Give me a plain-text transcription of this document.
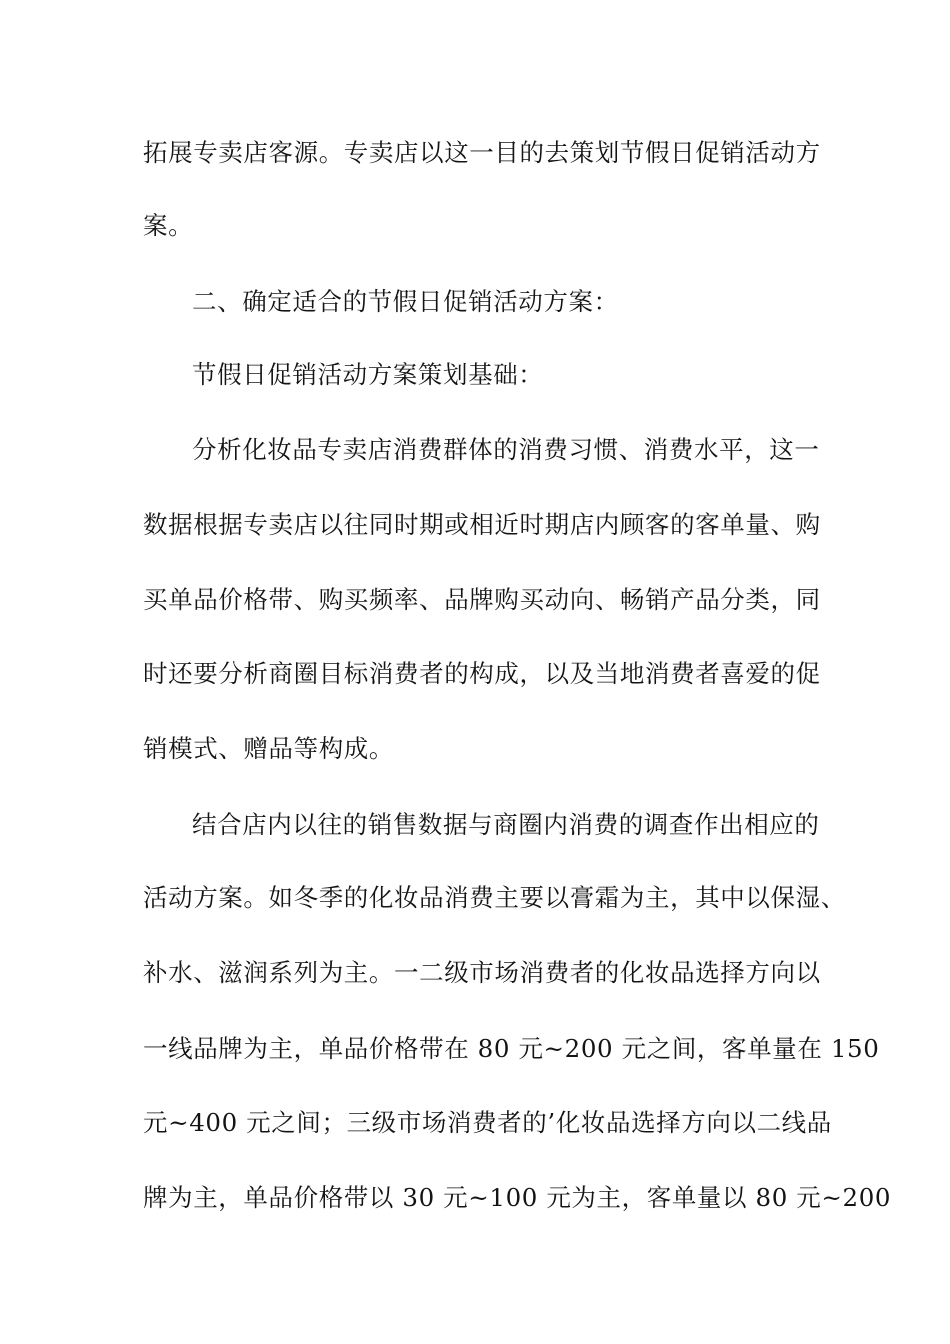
拓展专卖店客源。专卖店以这一目的去策划节假日促销活动方
案。
二、确定适合的节假日促销活动方案：
节假日促销活动方案策划基础：
分析化妆品专卖店消费群体的消费习惯、消费水平，这一
数据根据专卖店以往同时期或相近时期店内顾客的客单量、购
买单品价格带、购买频率、品牌购买动向、畅销产品分类，同
时还要分析商圈目标消费者的构成，以及当地消费者喜爱的促
销模式、赠品等构成。
结合店内以往的销售数据与商圈内消费的调查作出相应的
活动方案。如冬季的化妆品消费主要以膏霜为主，其中以保湿、
补水、滋润系列为主。一二级市场消费者的化妆品选择方向以
一线品牌为主，单品价格带在 80 元~200 元之间，客单量在 150
元~400 元之间；三级市场消费者的’化妆品选择方向以二线品
牌为主，单品价格带以 30 元~100 元为主，客单量以 80 元~200
